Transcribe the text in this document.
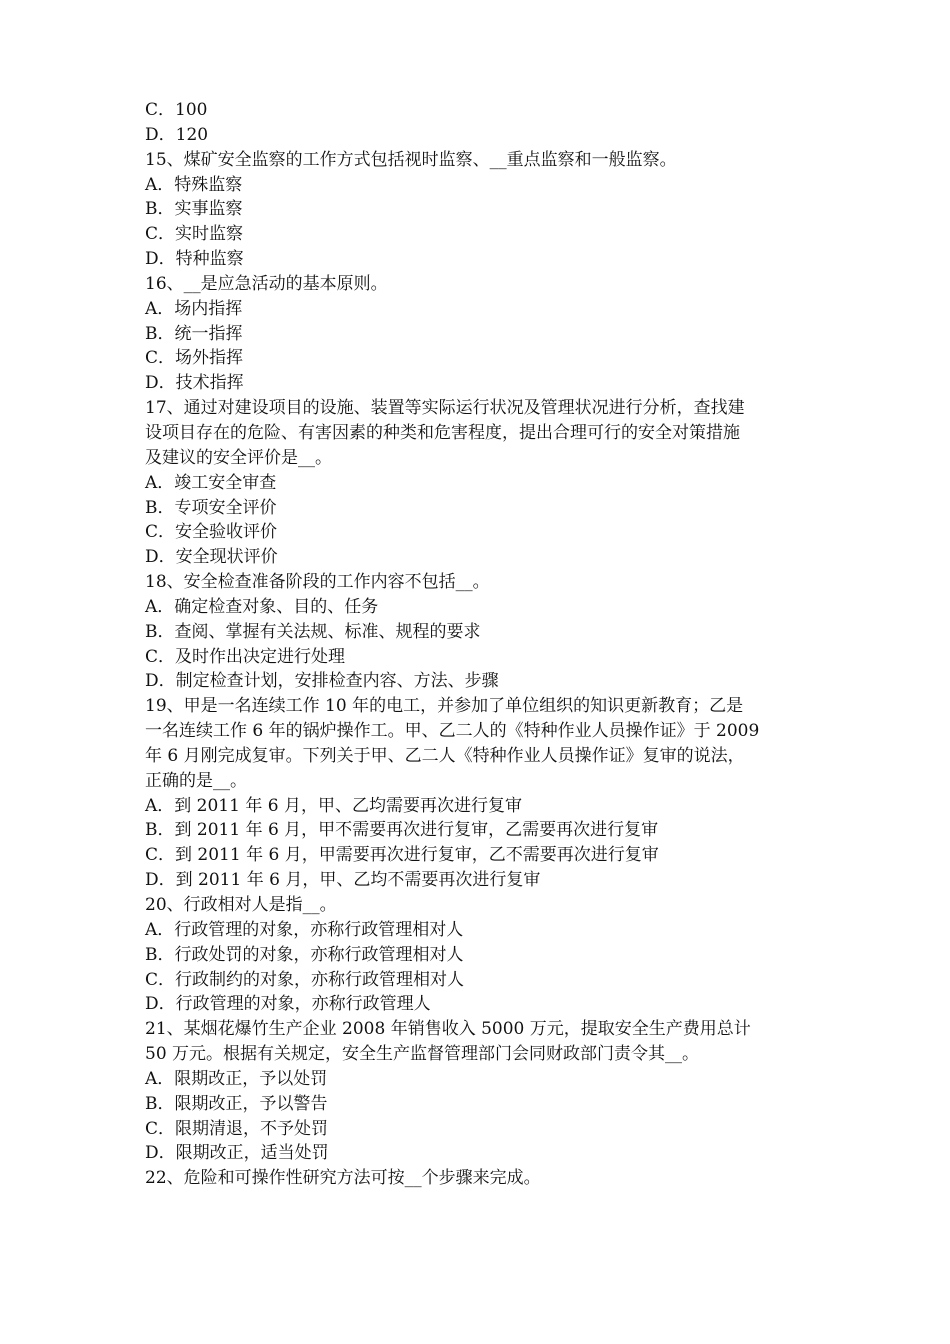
C．100
D．120
15、煤矿安全监察的工作方式包括视时监察、__重点监察和一般监察。
A．特殊监察
B．实事监察
C．实时监察
D．特种监察
16、__是应急活动的基本原则。
A．场内指挥
B．统一指挥
C．场外指挥
D．技术指挥
17、通过对建设项目的设施、装置等实际运行状况及管理状况进行分析，查找建
设项目存在的危险、有害因素的种类和危害程度，提出合理可行的安全对策措施
及建议的安全评价是__。
A．竣工安全审查
B．专项安全评价
C．安全验收评价
D．安全现状评价
18、安全检查准备阶段的工作内容不包括__。
A．确定检查对象、目的、任务
B．查阅、掌握有关法规、标准、规程的要求
C．及时作出决定进行处理
D．制定检查计划，安排检查内容、方法、步骤
19、甲是一名连续工作 10 年的电工，并参加了单位组织的知识更新教育；乙是
一名连续工作 6 年的锅炉操作工。甲、乙二人的《特种作业人员操作证》于 2009
年 6 月刚完成复审。下列关于甲、乙二人《特种作业人员操作证》复审的说法，
正确的是__。
A．到 2011 年 6 月，甲、乙均需要再次进行复审
B．到 2011 年 6 月，甲不需要再次进行复审，乙需要再次进行复审
C．到 2011 年 6 月，甲需要再次进行复审，乙不需要再次进行复审
D．到 2011 年 6 月，甲、乙均不需要再次进行复审
20、行政相对人是指__。
A．行政管理的对象，亦称行政管理相对人
B．行政处罚的对象，亦称行政管理相对人
C．行政制约的对象，亦称行政管理相对人
D．行政管理的对象，亦称行政管理人
21、某烟花爆竹生产企业 2008 年销售收入 5000 万元，提取安全生产费用总计
50 万元。根据有关规定，安全生产监督管理部门会同财政部门责令其__。
A．限期改正，予以处罚
B．限期改正，予以警告
C．限期清退，不予处罚
D．限期改正，适当处罚
22、危险和可操作性研究方法可按__个步骤来完成。
